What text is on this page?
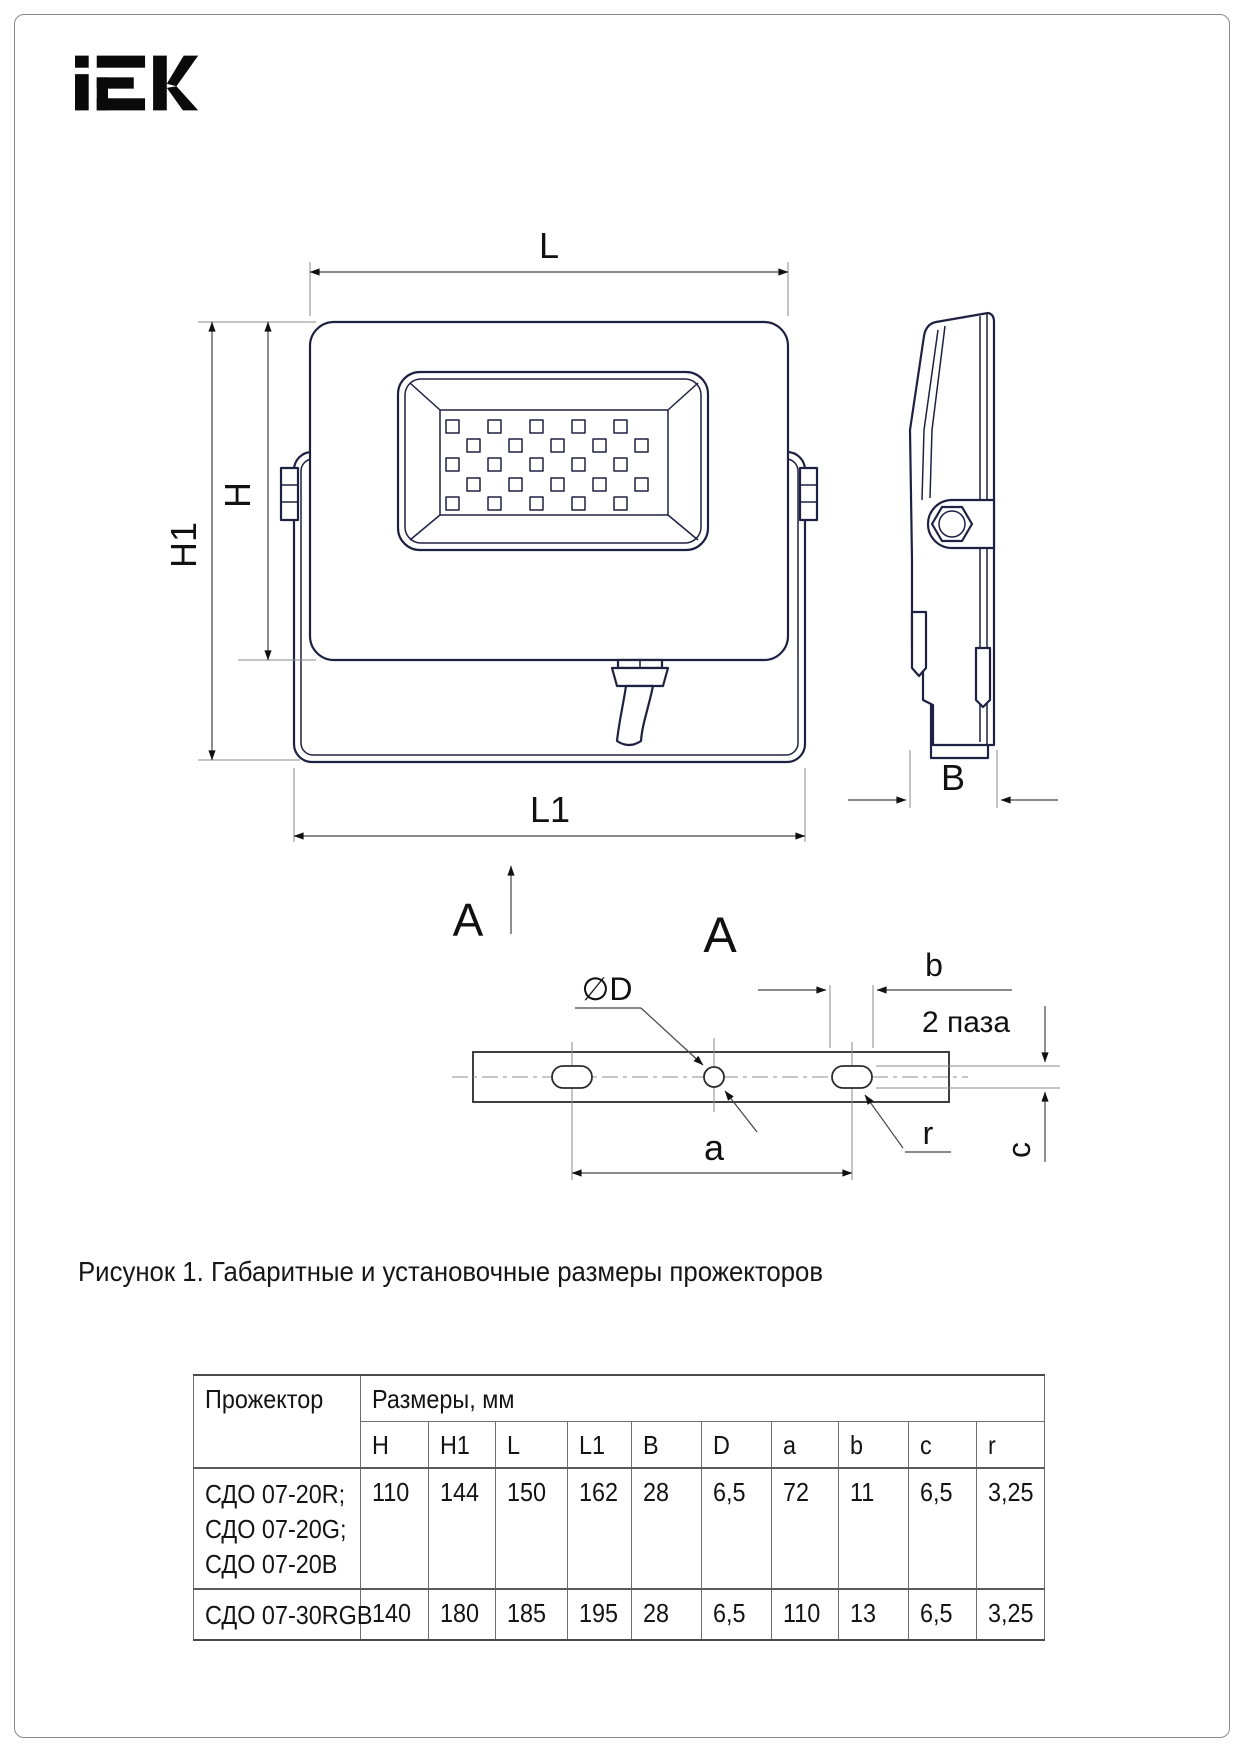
L
H1
H
L1
B
A	A
∅D
b
2 паза
c
a	r
Рисунок 1. Габаритные и установочные размеры прожекторов
Прожектор	Размеры, мм									
	H	H1	L	L1	B	D	a	b	c	r

СДО 07-20R;
СДО 07-20G;
СДО 07-20B	110	144	150	162	28	6,5	72	11	6,5	3,25

СДО 07-30RGB	140	180	185	195	28	6,5	110	13	6,5	3,25
